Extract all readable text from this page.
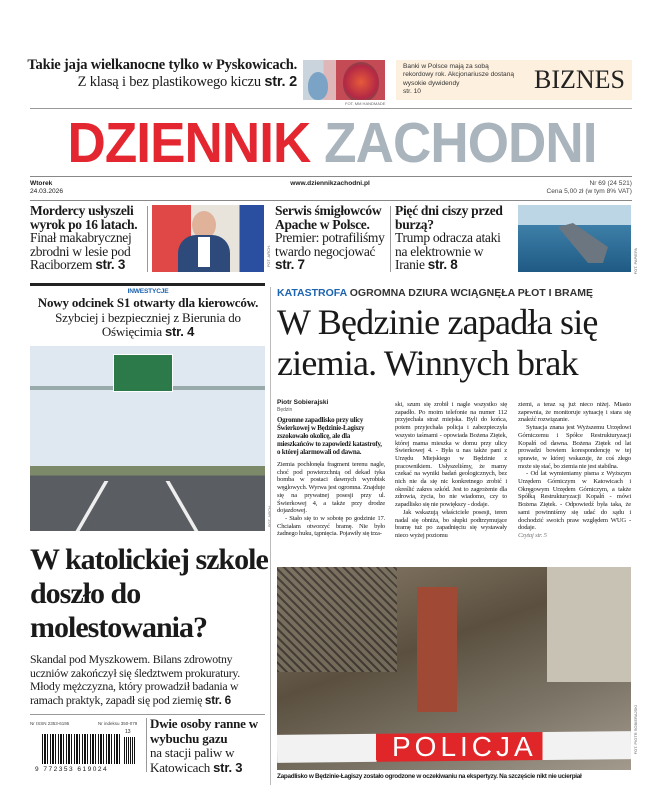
Takie jaja wielkanocne tylko w Pyskowicach.
Z klasą i bez plastikowego kiczu str. 2
FOT. MM HANDMADE
Banki w Polsce mają za sobą rekordowy rok. Akcjonariusze dostaną wysokie dywidendy
str. 10	BIZNES
DZIENNIK ZACHODNI
Wtorek
24.03.2026
www.dziennikzachodni.pl	Nr 69 (24 521)
Cena 5,00 zł (w tym 8% VAT)
Mordercy usłyszeli wyrok po 16 latach.
Finał makabrycznej zbrodni w lesie pod Raciborzem str. 3	FOT. ARCH.
Serwis śmigłowców Apache w Polsce.
Premier: potrafiliśmy twardo negocjować str. 7
Pięć dni ciszy przed burzą?
Trump odracza ataki na elektrownie w Iranie str. 8	FOT. PAP/EPA
INWESTYCJE
Nowy odcinek S1 otwarty dla kierowców.
Szybciej i bezpieczniej z Bierunia do Oświęcimia str. 4
W katolickiej szkole doszło do molestowania?
Skandal pod Myszkowem. Bilans zdrowotny uczniów zakończył się śledztwem prokuratury. Młody mężczyzna, który prowadził badania w ramach praktyk, zapadł się pod ziemię str. 6
Nr ISSN 2353-6195	Nr indeksu 350-079
13
9 772353 619024
Dwie osoby ranne w wybuchu gazu
na stacji paliw w Katowicach str. 3
KATASTROFA OGROMNA DZIURA WCIĄGNĘŁA PŁOT I BRAMĘ
W Będzinie zapadła się ziemia. Winnych brak
Piotr Sobierajski
Będzin
Ogromne zapadlisko przy ulicy Świerkowej w Będzinie-Łagiszy zszokowało okolicę, ale dla mieszkańców to zapowiedź katastrofy, o której alarmowali od dawna.

Ziemia pochłonęła fragment terenu nagle, choć pod powierzchnią od dekad tyka bomba w postaci dawnych wyrobisk węglowych. Wyrwa jest ogromna. Znajduje się na prywatnej posesji przy ul. Świerkowej 4, a także przy drodze dojazdowej.

- Stało się to w sobotę po godzinie 17. Chciałam otworzyć bramę. Nie było żadnego huku, tąpnięcia. Pojawiły się trza-

ski, szum się zrobił i nagle wszystko się zapadło. Po moim telefonie na numer 112 przyjechała straż miejska. Byli do końca, potem przyjechała policja i zabezpieczyła wszysto taśmami - opowiada Bożena Ziętek, której mama mieszka w domu przy ulicy Świerkowej 4. - Była u nas także pani z Urzędu Miejskiego w Będzinie z pracownikiem. Usłyszeliśmy, że mamy czekać na wyniki badań geologicznych, bez nich nie da się nic konkretnego zrobić i określić zakres szkód. Jest to zagrożenie dla zdrowia, życia, bo nie wiadomo, czy to zapadlisko się nie powiększy - dodaje.

Jak wskazują właściciele posesji, teren nadal się obniża, bo słupki podtrzymujące bramę tuż po zapadnięciu się wystawały nieco wyżej poziomu

ziemi, a teraz są już nieco niżej. Miasto zapewnia, że monitoruje sytuację i stara się znaleźć rozwiązanie.

Sytuacja znana jest Wyższemu Urzędowi Górniczemu i Spółce Restrukturyzacji Kopalń od dawna. Bożena Ziętek od lat prowadzi bowiem korespondencję w tej sprawie, w której wskazuje, że coś złego może się stać, bo ziemia nie jest stabilna.

- Od lat wymieniamy pisma z Wyższym Urzędem Górniczym w Katowicach i Okręgowym Urzędem Górniczym, a także Spółką Restrukturyzacji Kopalń - mówi Bożena Ziętek. - Odpowiedź była taka, że sami powinniśmy się udać do sądu i dochodzić swoich praw względem WUG - dodaje.

Czytaj str. 5
POLICJA	FOT. PIOTR SOBIERAJSKI
Zapadlisko w Będzinie-Łagiszy zostało ogrodzone w oczekiwaniu na ekspertyzy. Na szczęście nikt nie ucierpiał
